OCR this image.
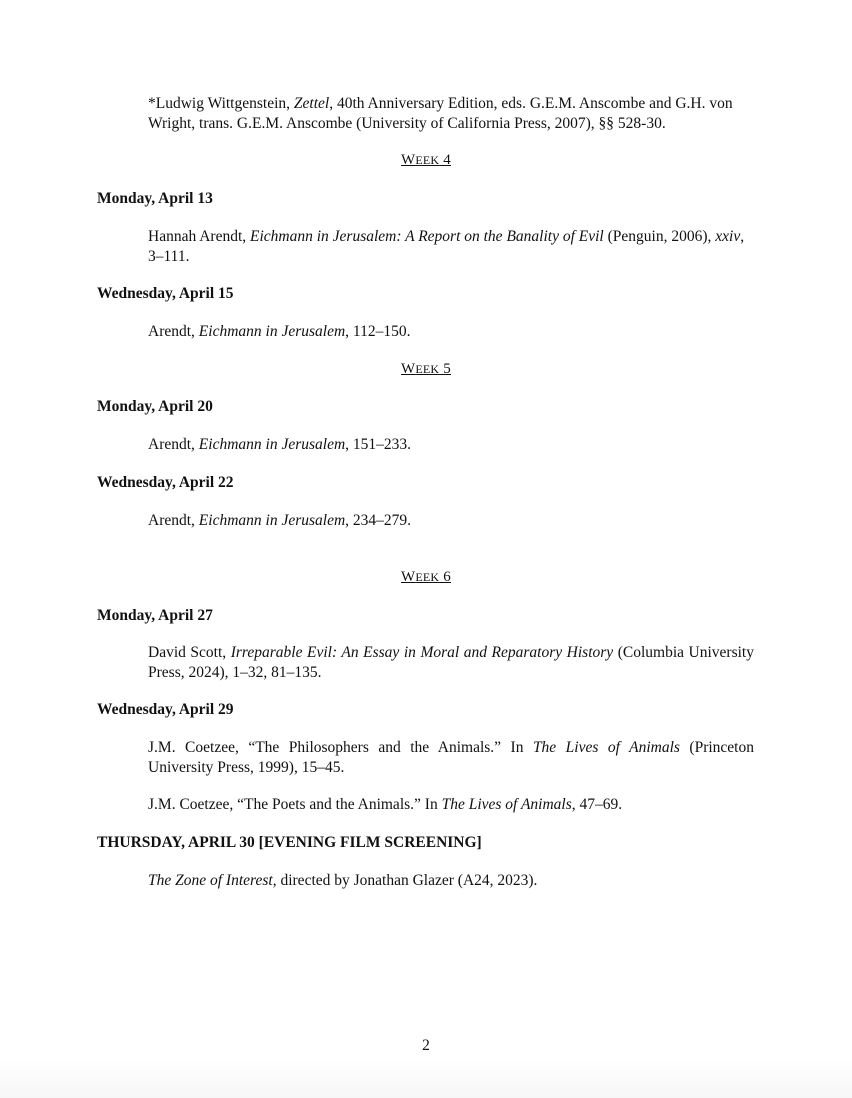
*Ludwig Wittgenstein, Zettel, 40th Anniversary Edition, eds. G.E.M. Anscombe and G.H. von Wright, trans. G.E.M. Anscombe (University of California Press, 2007), §§ 528-30.

WEEK 4
Monday, April 13

Hannah Arendt, Eichmann in Jerusalem: A Report on the Banality of Evil (Penguin, 2006), xxiv, 3–111.

Wednesday, April 15

Arendt, Eichmann in Jerusalem, 112–150.

WEEK 5
Monday, April 20

Arendt, Eichmann in Jerusalem, 151–233.

Wednesday, April 22

Arendt, Eichmann in Jerusalem, 234–279.

WEEK 6
Monday, April 27

David Scott, Irreparable Evil: An Essay in Moral and Reparatory History (Columbia University Press, 2024), 1–32, 81–135.

Wednesday, April 29

J.M. Coetzee, “The Philosophers and the Animals.” In The Lives of Animals (Princeton University Press, 1999), 15–45.

J.M. Coetzee, “The Poets and the Animals.” In The Lives of Animals, 47–69.

THURSDAY, APRIL 30 [EVENING FILM SCREENING]

The Zone of Interest, directed by Jonathan Glazer (A24, 2023).

2
